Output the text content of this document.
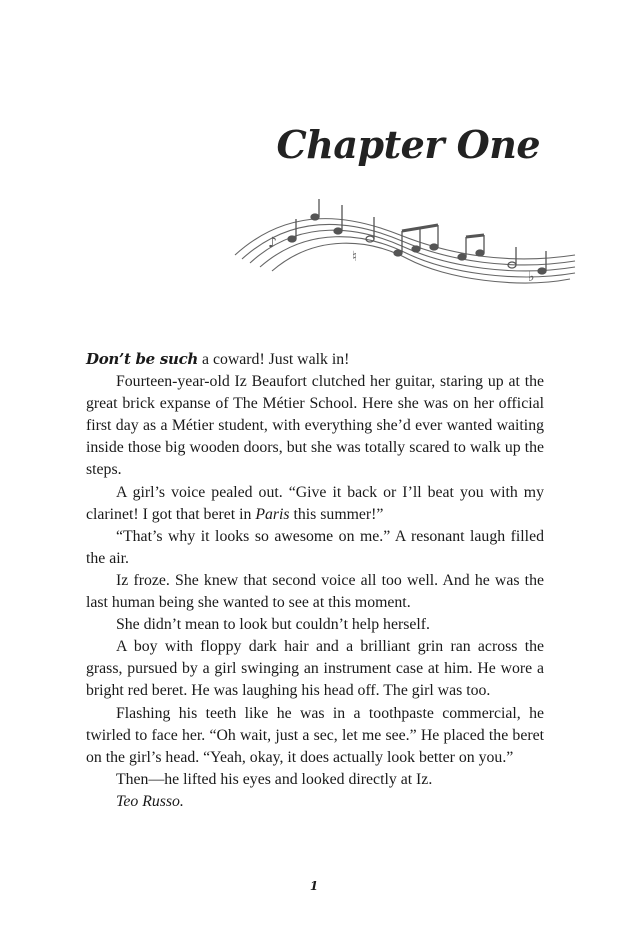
Chapter One
♪
♮
♭

Don’t be such a coward! Just walk in!

Fourteen-year-old Iz Beaufort clutched her guitar, staring up at the great brick expanse of The Métier School. Here she was on her official first day as a Métier student, with everything she’d ever wanted waiting inside those big wooden doors, but she was totally scared to walk up the steps.

A girl’s voice pealed out. “Give it back or I’ll beat you with my clarinet! I got that beret in Paris this summer!”

“That’s why it looks so awesome on me.” A resonant laugh filled the air.

Iz froze. She knew that second voice all too well. And he was the last human being she wanted to see at this moment.

She didn’t mean to look but couldn’t help herself.

A boy with floppy dark hair and a brilliant grin ran across the grass, pursued by a girl swinging an instrument case at him. He wore a bright red beret. He was laughing his head off. The girl was too.

Flashing his teeth like he was in a toothpaste commercial, he twirled to face her. “Oh wait, just a sec, let me see.” He placed the beret on the girl’s head. “Yeah, okay, it does actually look better on you.”

Then—he lifted his eyes and looked directly at Iz.

Teo Russo.

1
